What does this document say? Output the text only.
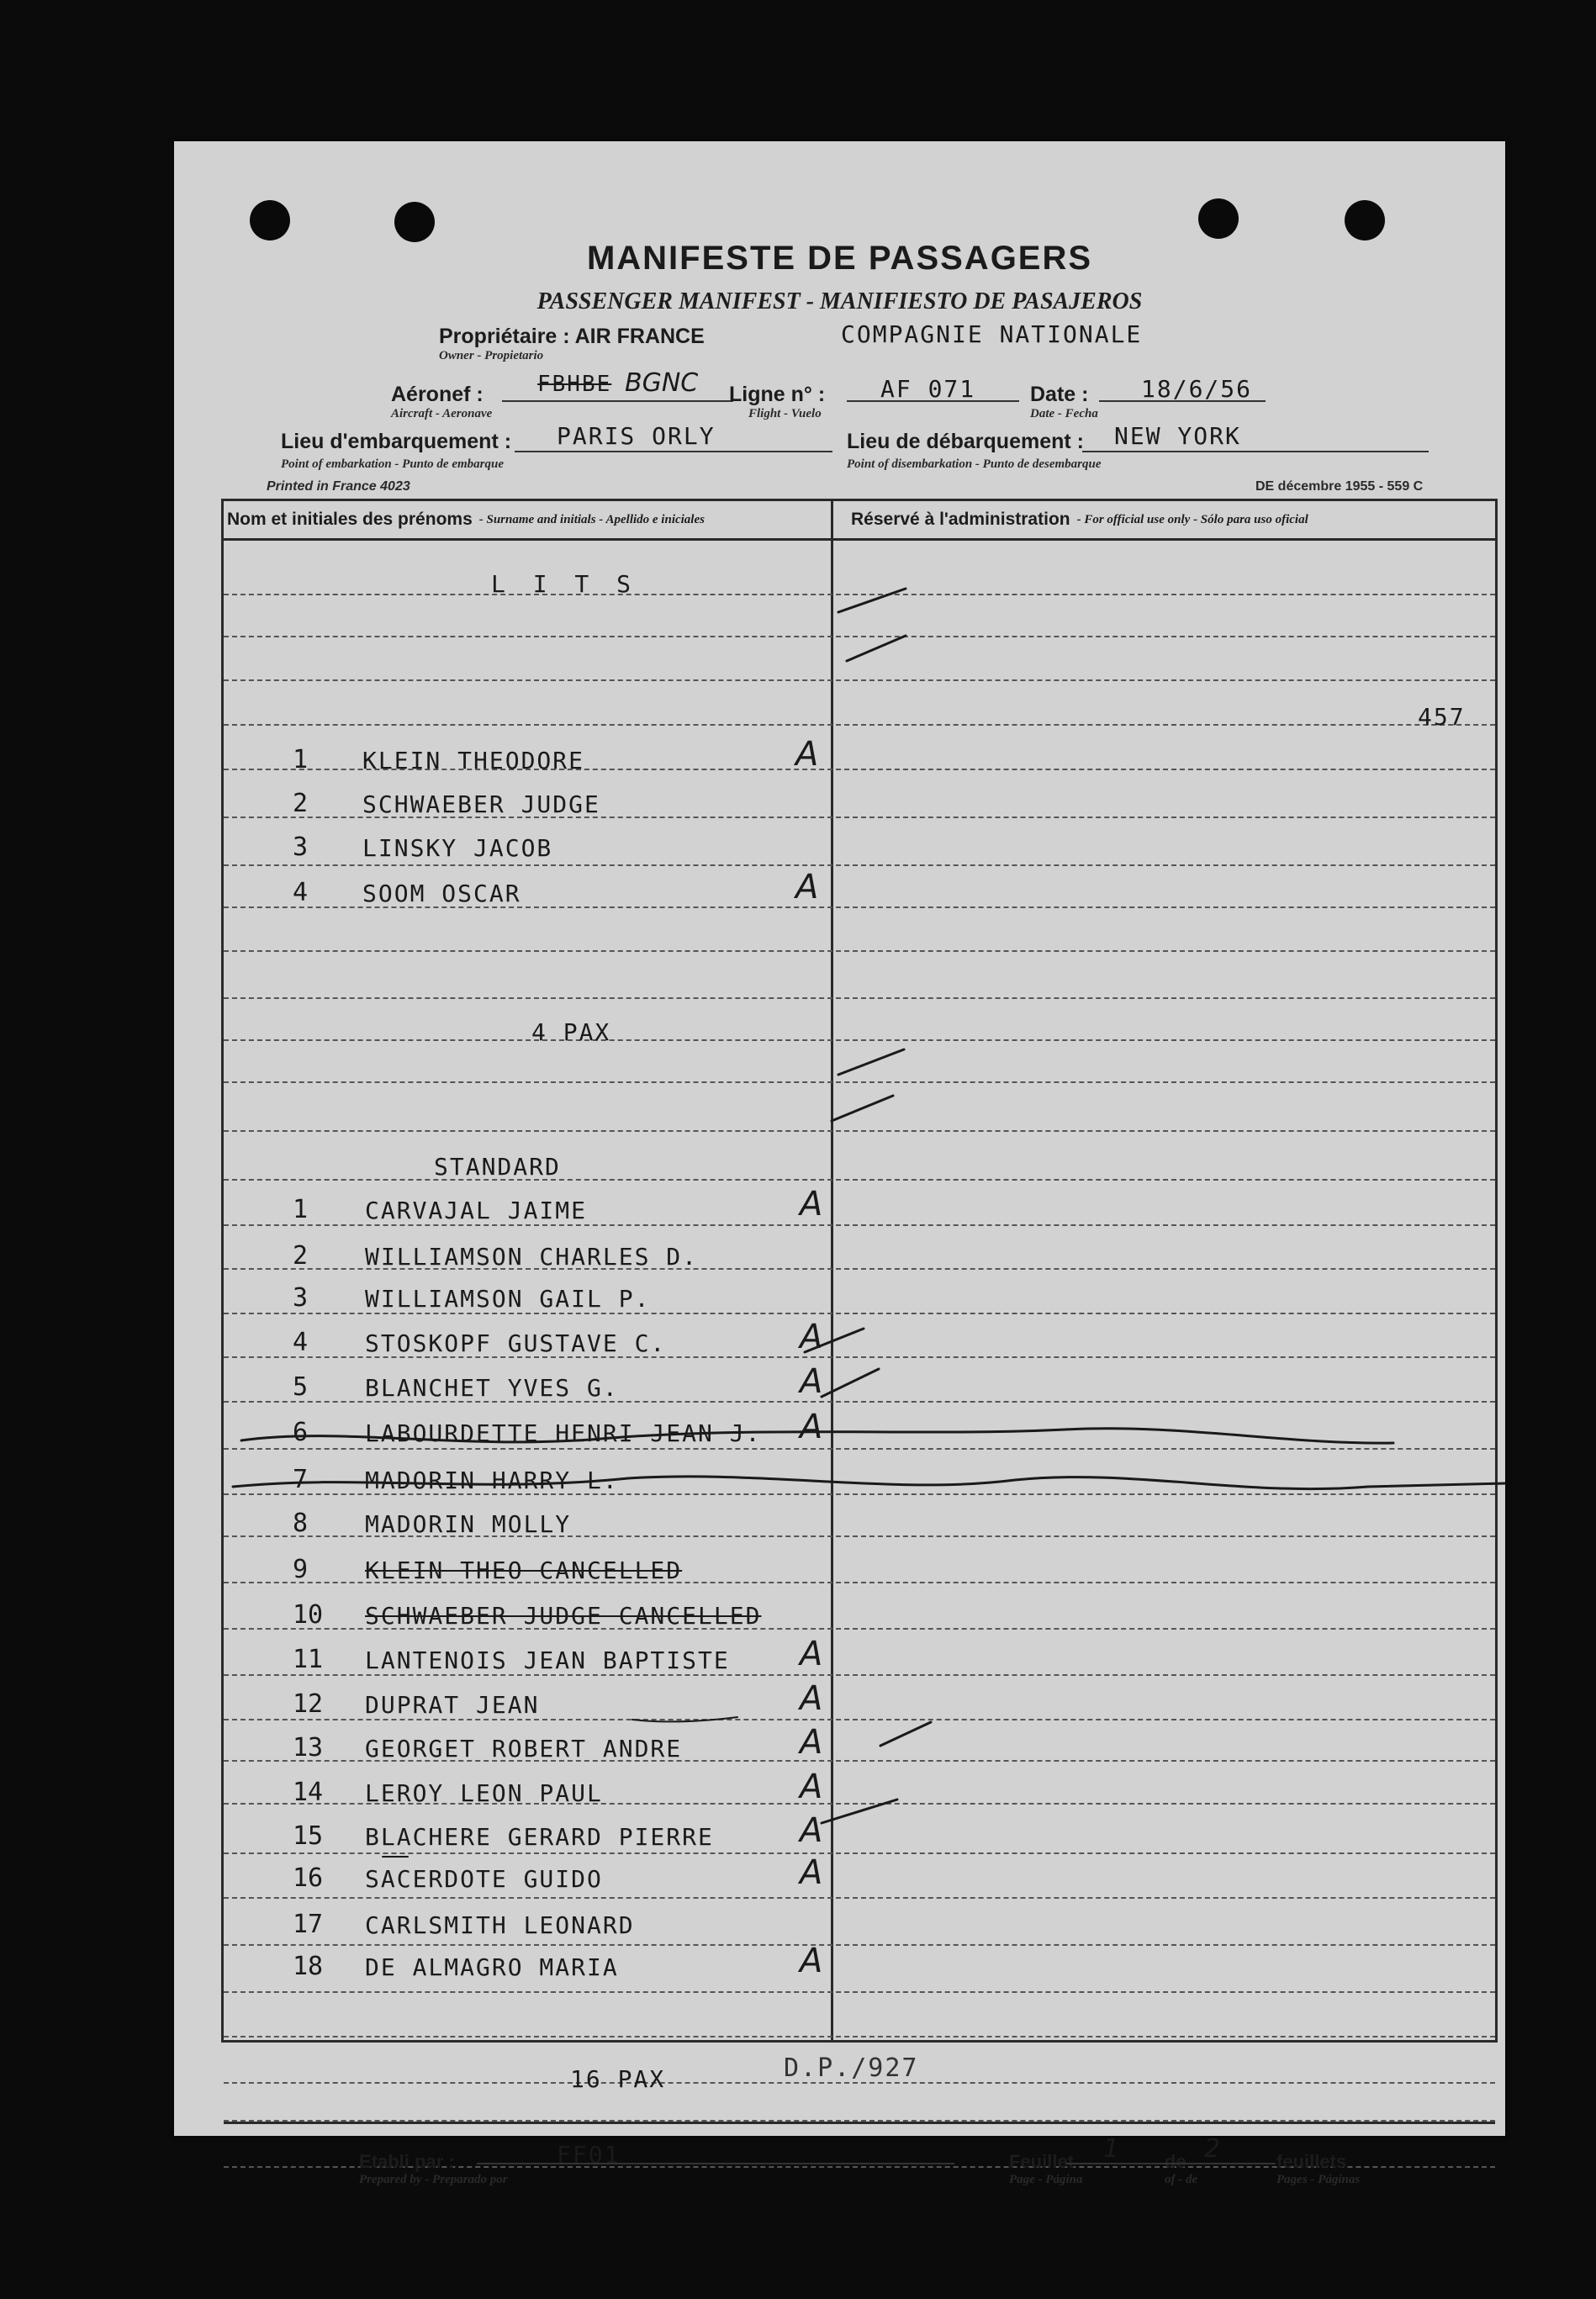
MANIFESTE DE PASSAGERS
PASSENGER MANIFEST - MANIFIESTO DE PASAJEROS
Propriétaire : AIR FRANCE
Owner - Propietario
COMPAGNIE NATIONALE
Aéronef :
Aircraft - Aeronave
FBHBE BGNC Ligne n° :
Flight - Vuelo
AF 071	Date :
Date - Fecha
18/6/56
Lieu d'embarquement :
Point of embarkation - Punto de embarque
PARIS ORLY	Lieu de débarquement :
Point of disembarkation - Punto de desembarque
NEW YORK
Printed in France 4023	DE décembre 1955 - 559 C
Nom et initiales des prénoms - Surname and initials - Apellido e iniciales	Réservé à l'administration - For official use only - Sólo para uso oficial
457
L I T S
1 KLEIN THEODORE	A
2 SCHWAEBER JUDGE
3 LINSKY JACOB
4 SOOM OSCAR	A
4 PAX
STANDARD
1 CARVAJAL JAIME	A
2 WILLIAMSON CHARLES D.
3 WILLIAMSON GAIL P.
4 STOSKOPF GUSTAVE C.	A
5 BLANCHET YVES G.	A
6 LABOURDETTE HENRI JEAN J. A
7 MADORIN HARRY L.
8 MADORIN MOLLY
9 KLEIN THEO CANCELLED
10 SCHWAEBER JUDGE CANCELLED
11 LANTENOIS JEAN BAPTISTE A
12 DUPRAT JEAN	A
13 GEORGET ROBERT ANDRE	A
14 LEROY LEON PAUL	A
15 BLACHERE GERARD PIERRE	A
16 SACERDOTE GUIDO	A
17 CARLSMITH LEONARD
18 DE ALMAGRO MARIA	A
16 PAX
Etabli par :
Prepared by - Preparado por
FF01	Feuillet
Page - Página
1 de
of - de
2	feuillets
Pages - Páginas
D.P./927
